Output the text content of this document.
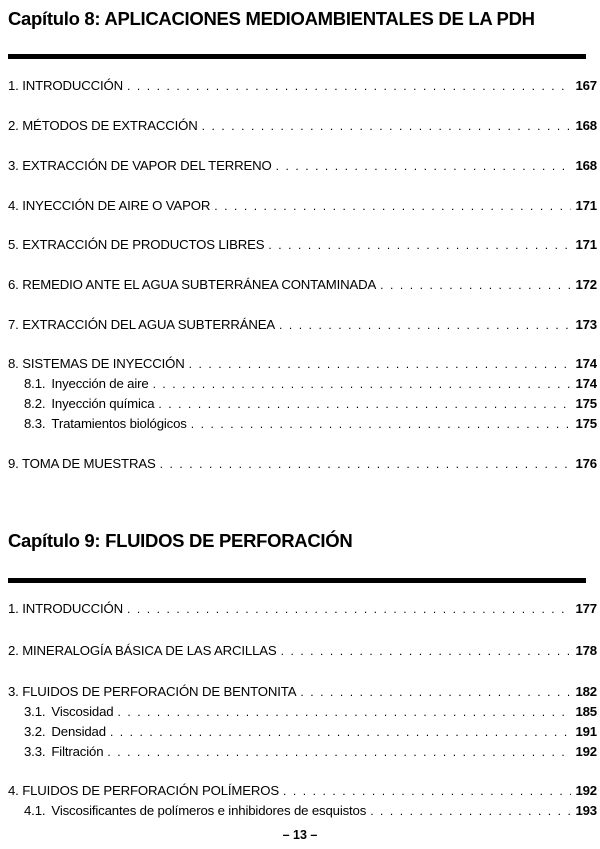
Capítulo 8: APLICACIONES MEDIOAMBIENTALES DE LA PDH
1. INTRODUCCIÓN . . .	167
2. MÉTODOS DE EXTRACCIÓN . . .	168
3. EXTRACCIÓN DE VAPOR DEL TERRENO . . .	168
4. INYECCIÓN DE AIRE O VAPOR . . .	171
5. EXTRACCIÓN DE PRODUCTOS LIBRES . . .	171
6. REMEDIO ANTE EL AGUA SUBTERRÁNEA CONTAMINADA . . .	172
7. EXTRACCIÓN DEL AGUA SUBTERRÁNEA . . .	173
8. SISTEMAS DE INYECCIÓN . . .	174
8.1. Inyección de aire . . .	174
8.2. Inyección química . . .	175
8.3. Tratamientos biológicos . . .	175
9. TOMA DE MUESTRAS . . .	176
Capítulo 9: FLUIDOS DE PERFORACIÓN
1. INTRODUCCIÓN . . .	177
2. MINERALOGÍA BÁSICA DE LAS ARCILLAS . . .	178
3. FLUIDOS DE PERFORACIÓN DE BENTONITA . . .	182
3.1. Viscosidad . . .	185
3.2. Densidad . . .	191
3.3. Filtración . . .	192
4. FLUIDOS DE PERFORACIÓN POLÍMEROS . . .	192
4.1. Viscosificantes de polímeros e inhibidores de esquistos . . .	193
– 13 –
